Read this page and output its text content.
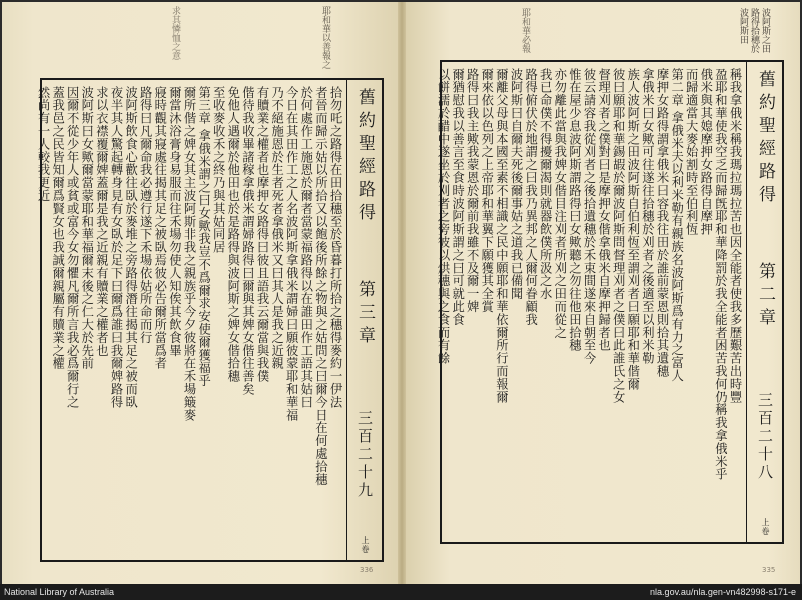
耶和華以善報之
求其憐恤之意	波阿斯之田
路得拾穗於波阿斯田
耶和華必報
舊約聖經
路得
第三章
三百二十九
上卷
拾勿吒之路得在田拾穗至於昏暮打所拾之穗得麥約一伊法
者晉而歸示姑以所拾又以飽後所餘之物與之姑問之曰爾今日在何處拾穗
於何處作工施恩於爾者當蒙福路得以在誰田作工語其姑曰
今日在其田作工之人名波阿斯拿俄米謂婦曰願彼蒙耶和華福
乃不絕施恩於生者死者拿俄米又曰其人是我之近親
有贖業之權者也摩押女路得曰彼且語我云爾當與我僕
偕待我收畢諸稼拿俄米謂婦路得曰爾與其婢女偕往善矣
免他人遇爾於他田也於是路得與波阿斯之婢女偕拾穗
至收麥收禾之終乃與其姑同居
第三章 拿俄米謂之曰女歟我豈不爲爾求安使爾獲福乎
爾所偕之婢女其主波阿斯非我之親族乎今夕彼將在禾場簸麥
爾當沐浴膏身易服而往禾場勿使人知俟其飲食畢
寢時觀其寢處往揭其足之被臥焉彼必告爾所當爲者
路得曰凡爾命我必遵行遂下禾場依姑所命而行
波阿斯飲食心歡往臥於麥堆之旁路得潛往揭其足之被而臥
夜半其人驚起轉身見有女臥於足下曰爾爲誰曰我爾婢路得
求以衣襟覆爾婢蓋爾是我之近親有贖業之權者也
波阿斯曰女歟爾當蒙耶和華福爾末後之仁大於先前
因爾不從少年人或貧或富今女勿懼凡爾所言我必爲爾行之
蓋我邑之民皆知爾爲賢女也我誠爾親屬有贖業之權
然尚有一人較我更近	舊約聖經
路得
第二章
三百二十八
上卷
稱我拿俄米稱我瑪拉瑪拉苦也因全能者使我多歷艱苦出時豐
盈耶和華使我空乏而歸旣耶和華降罰於我全能者困苦我何仍稱我拿俄米乎
俄米與其媳摩押女路得自摩押
而歸適當大麥始割時至伯利恆
第二章 拿俄米夫以利米勒有親族名波阿斯爲有力之富人
摩押女路得謂拿俄米曰容我往田於誰前蒙恩則拾其遺穗
拿俄米曰女歟可往遂往拾穗於刈者之後適至以利米勒
族人波阿斯之田波阿斯自伯利恆至謂刈者曰願耶和華偕爾
彼曰願耶和華錫嘏於爾波阿斯問督理刈者之僕曰此誰氏之女
督理刈者之僕對曰是摩押女偕拿俄米自摩押歸者也
彼云請容我從刈者之後拾遺穗於禾束間遂來自朝至今
惟在屋少息波阿斯謂路得曰女歟聽之勿往他田拾穗
亦勿離此當與我婢女偕目注刈者所刈之田而從之
我已命僕不得擾爾渴則就器飲僕所汲之水
路得俯伏於地謂之曰我乃異邦之人爾何眷顧我
波阿斯曰自爾夫死後爾事姑之道我已備聞
爾離父母與本國至素不相識之民中願耶和華依爾所行而報爾
爾來依以色列之上帝耶和華翼下願獲其全賞
路得曰我主歟我蒙恩於爾前我雖不及爾一婢
爾猶慰我以善言至食時波阿斯謂之曰可就此食
以餅濡於醋中遂坐於刈者之旁彼以烘穗與之食而有餘
336	335
National Library of Australia	nla.gov.au/nla.gen-vn482998-s171-e
